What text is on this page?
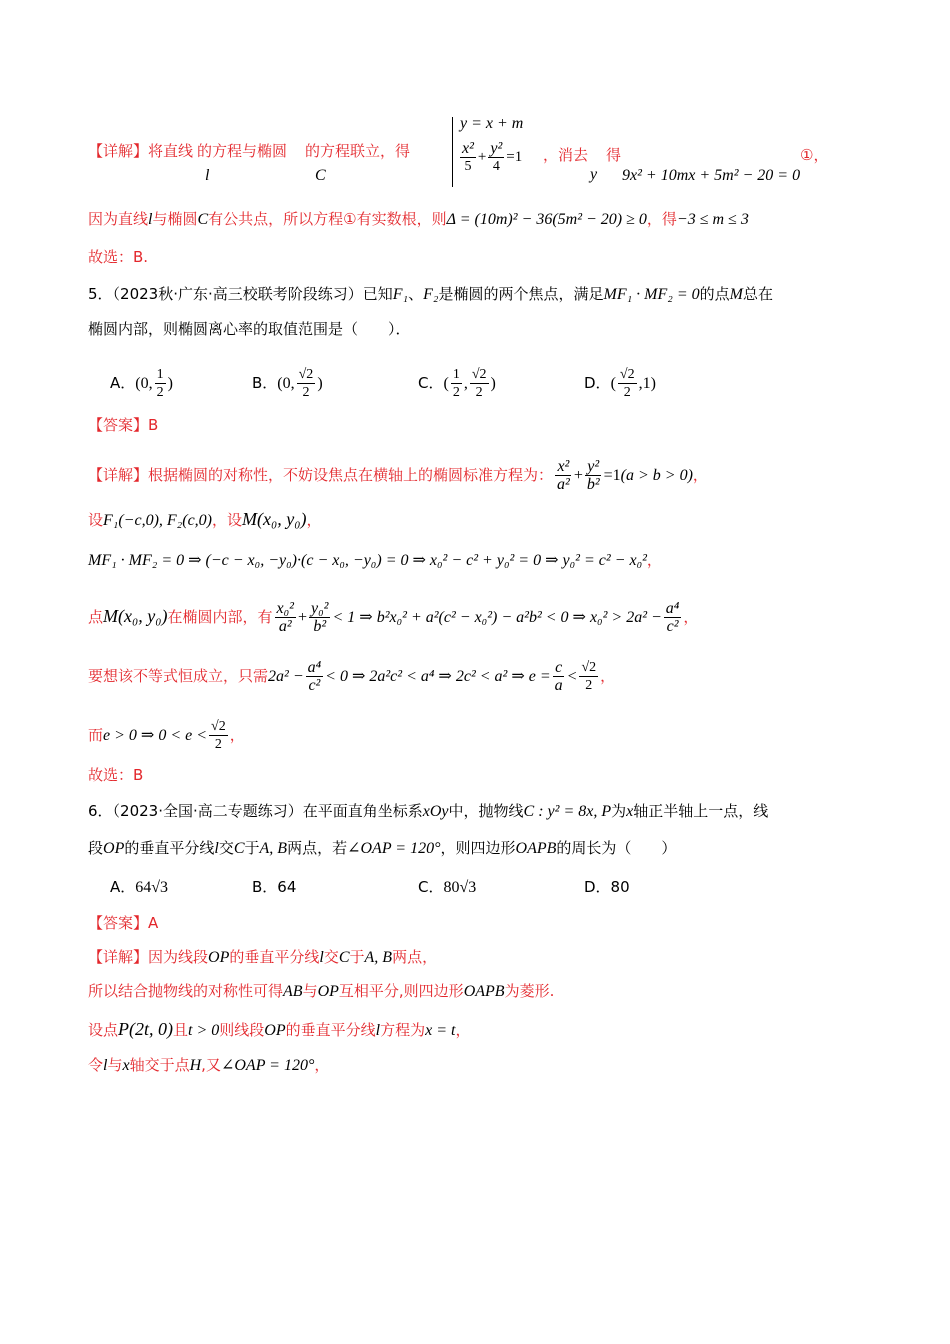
【详解】将直线 的方程与椭圆 的方程联立，得
l	C
y = x + m
$\frac{\text{x²}}{5} + \frac{\text{y²}}{4} =1$ ，消去 得
y 9x² + 10mx + 5m² − 20 = 0
①，
因为直线l与椭圆C有公共点，所以方程①有实数根，则Δ = (10m)² − 36(5m² − 20) ≥ 0，得−3 ≤ m ≤ 3
故选：B.
5．（2023秋·广东·高三校联考阶段练习）已知F₁、F₂是椭圆的两个焦点，满足MF₁ · MF₂ = 0的点M总在
椭圆内部，则椭圆离心率的取值范围是（　　）．
A．(0, $\frac{1}{2}$ )	B．(0, $\frac{√2}{2}$ )	C．( $\frac{1}{2}$ , $\frac{√2}{2}$ )	D．( $\frac{√2}{2} ,1$)
【答案】B
【详解】根据椭圆的对称性，不妨设焦点在横轴上的椭圆标准方程为： $\frac{\text{x²}}{\text{a²}} + \frac{\text{y²}}{\text{b²}} =1(a > b > 0)$，
设F₁(−c,0), F₂(c,0)，设M(x₀, y₀)，
MF₁ · MF₂ = 0 ⇒ (−c − x₀, −y₀)·(c − x₀, −y₀) = 0 ⇒ x₀² − c² + y₀² = 0 ⇒ y₀² = c² − x₀²，
点M(x₀, y₀)在椭圆内部，有 $\frac{\text{x₀²}}{\text{a²}} + \frac{\text{y₀²}}{\text{b²}} < 1$ ⇒ b²x₀² + a²(c² − x₀²) − a²b² < 0 ⇒ $x_0^2 > 2a^2 - \frac{\text{a⁴}}{\text{c²}}$ ，
要想该不等式恒成立，只需$2a^2 - \frac{\text{a⁴}}{\text{c²}} < 0$ ⇒ 2a²c² < a⁴ ⇒ 2c² < a² ⇒ $e = \frac{c}{a} < \frac{√2}{2}$ ，
而e > 0 ⇒ $0 < e < \frac{√2}{2}$ ，
故选：B
6．（2023·全国·高二专题练习）在平面直角坐标系xOy中，抛物线C : y² = 8x, P为x轴正半轴上一点，线
段OP的垂直平分线l交C于A, B两点，若∠OAP = 120°，则四边形OAPB的周长为（　　）
A．64√3	B．64	C．80√3	D．80
【答案】A
【详解】因为线段OP的垂直平分线l交C于A, B两点，
所以结合抛物线的对称性可得AB与OP互相平分,则四边形OAPB为菱形.
设点P(2t, 0)且t > 0则线段OP的垂直平分线l方程为x = t，
令l与x轴交于点H,又∠OAP = 120°，
